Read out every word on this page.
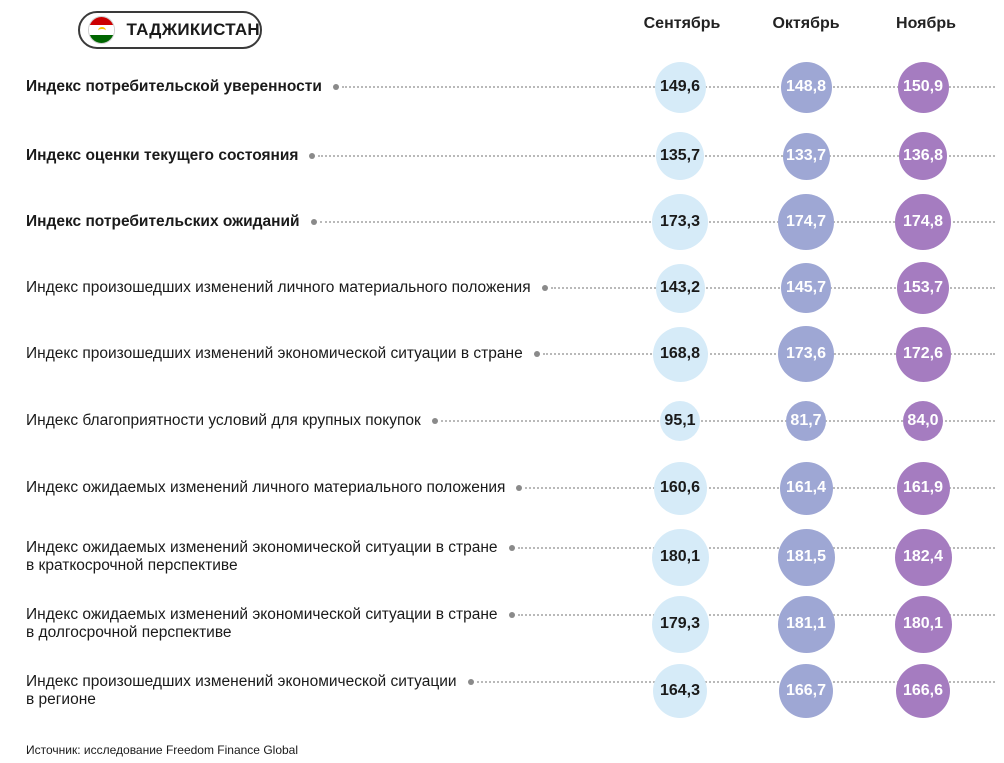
ТАДЖИКИСТАН	Сентябрь	Октябрь	Ноябрь
Индекс потребительской уверенности	149,6	148,8	150,9
Индекс оценки текущего состояния	135,7	133,7	136,8
Индекс потребительских ожиданий	173,3	174,7	174,8
Индекс произошедших изменений личного материального положения	143,2	145,7	153,7
Индекс произошедших изменений экономической ситуации в стране	168,8	173,6	172,6
Индекс благоприятности условий для крупных покупок	95,1	81,7	84,0
Индекс ожидаемых изменений личного материального положения	160,6	161,4	161,9
Индекс ожидаемых изменений экономической ситуации в стране
в краткосрочной перспективе
180,1	181,5	182,4
Индекс ожидаемых изменений экономической ситуации в стране
в долгосрочной перспективе
179,3	181,1	180,1
Индекс произошедших изменений экономической ситуации
в регионе
164,3	166,7	166,6
Источник: исследование Freedom Finance Global
